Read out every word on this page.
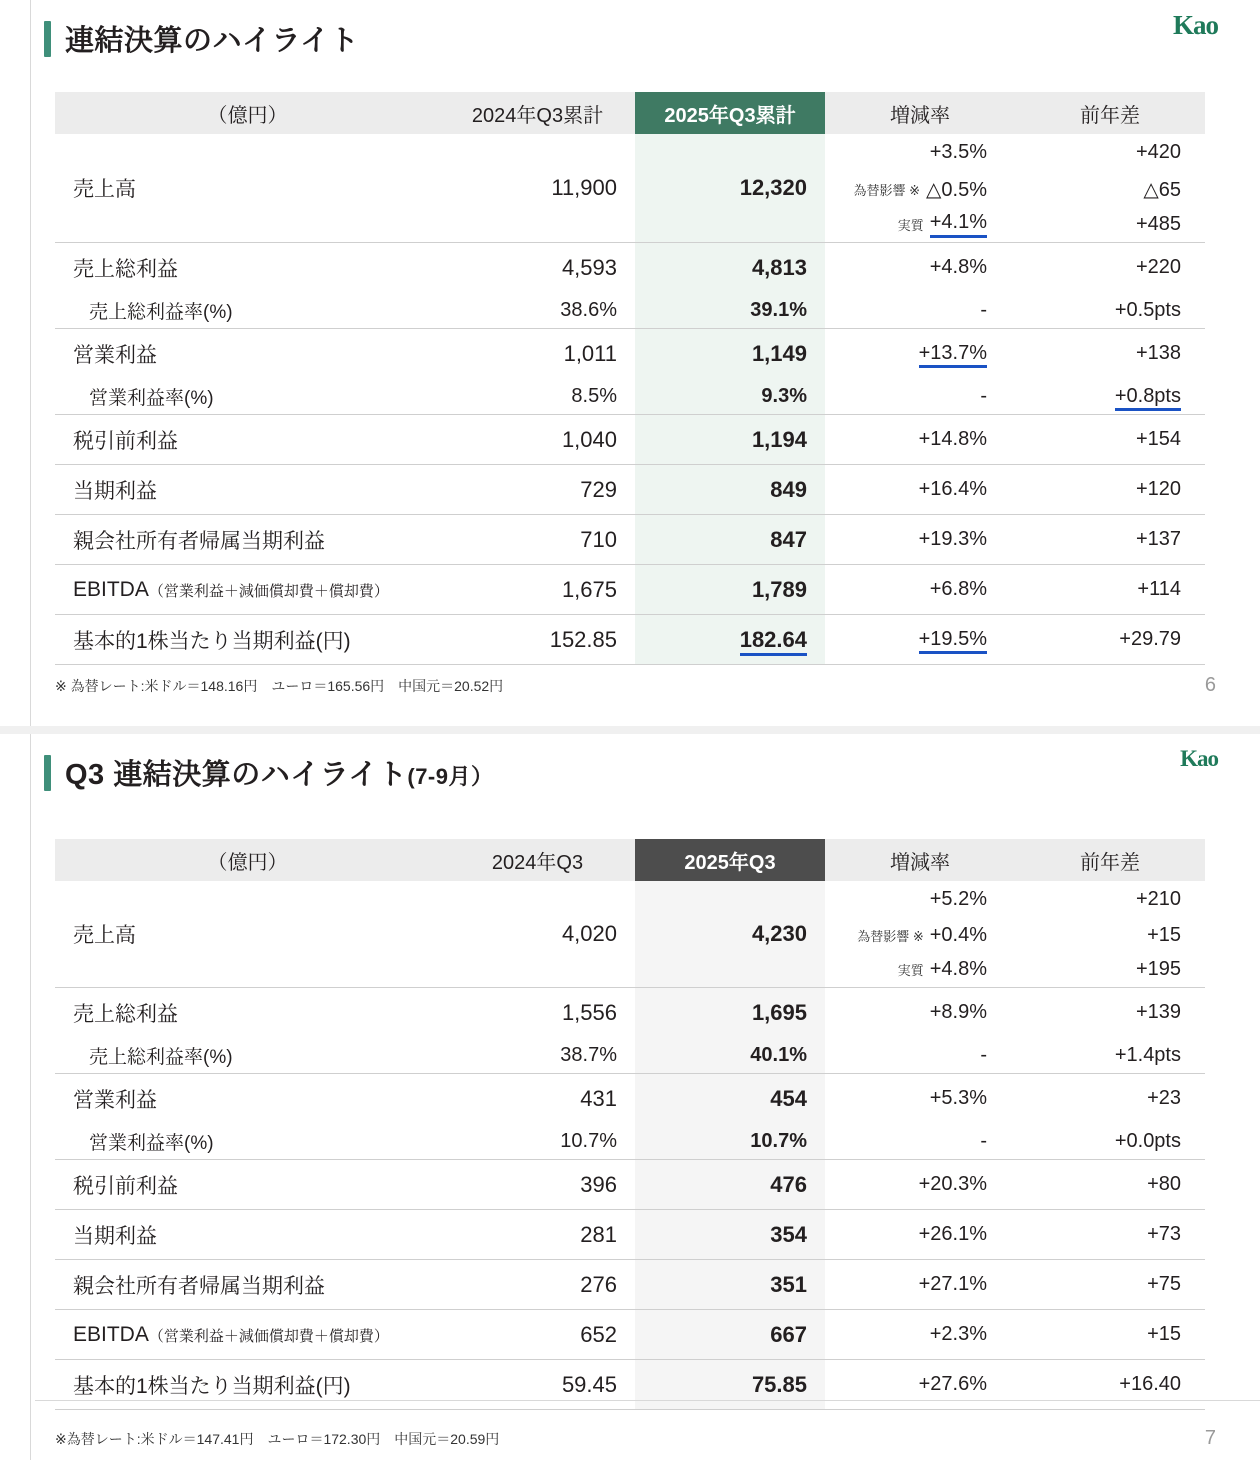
連結決算のハイライト	Kao
（億円）	2024年Q3累計	2025年Q3累計	増減率	前年差
売上高	11,900	12,320	+3.5%	+420

			為替影響 ※ △0.5%	△65

			実質 +4.1%	+485
売上総利益	4,593	4,813	+4.8%	+220
売上総利益率(%)	38.6%	39.1%	-	+0.5pts
営業利益	1,011	1,149	+13.7%	+138
営業利益率(%)	8.5%	9.3%	-	+0.8pts
税引前利益	1,040	1,194	+14.8%	+154
当期利益	729	849	+16.4%	+120
親会社所有者帰属当期利益	710	847	+19.3%	+137
EBITDA（営業利益＋減価償却費＋償却費）	1,675	1,789	+6.8%	+114
基本的1株当たり当期利益(円)	152.85	182.64	+19.5%	+29.79

※ 為替レート:米ドル＝148.16円　ユーロ＝165.56円　中国元＝20.52円	6
Q3 連結決算のハイライト(7-9月）
Kao
（億円）	2024年Q3	2025年Q3	増減率	前年差
売上高	4,020	4,230	+5.2%	+210

			為替影響 ※ +0.4%	+15

			実質 +4.8%	+195
売上総利益	1,556	1,695	+8.9%	+139
売上総利益率(%)	38.7%	40.1%	-	+1.4pts
営業利益	431	454	+5.3%	+23
営業利益率(%)	10.7%	10.7%	-	+0.0pts
税引前利益	396	476	+20.3%	+80
当期利益	281	354	+26.1%	+73
親会社所有者帰属当期利益	276	351	+27.1%	+75
EBITDA（営業利益＋減価償却費＋償却費）	652	667	+2.3%	+15
基本的1株当たり当期利益(円)	59.45	75.85	+27.6%	+16.40

※為替レート:米ドル＝147.41円　ユーロ＝172.30円　中国元＝20.59円	7
